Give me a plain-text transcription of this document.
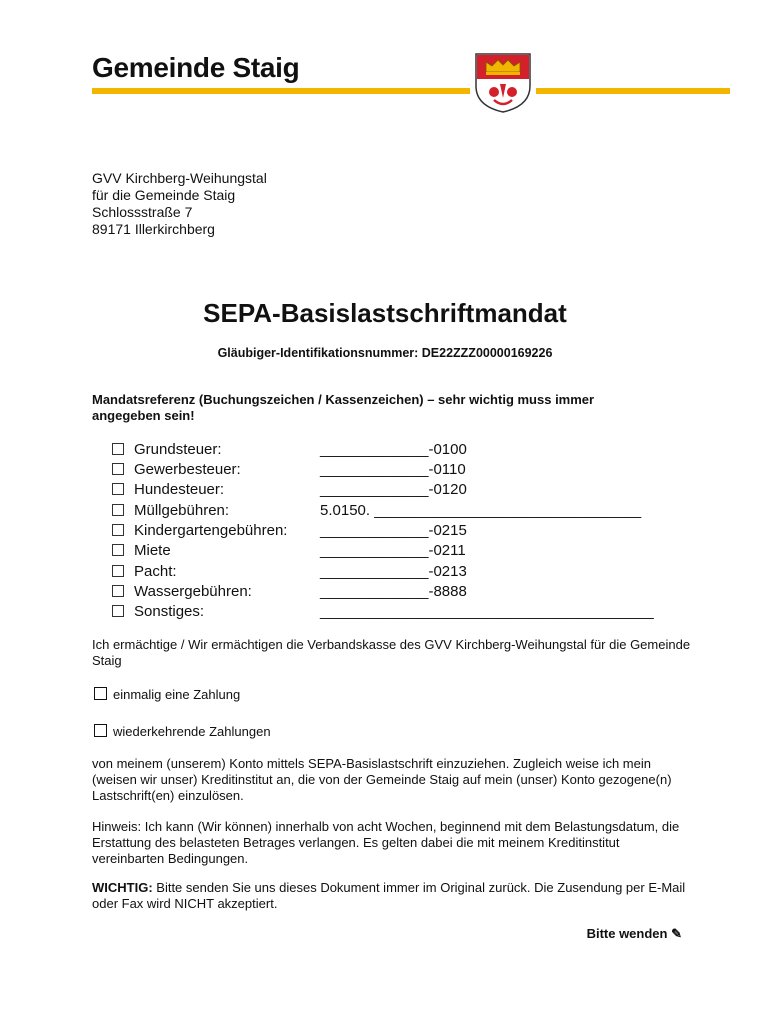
Gemeinde Staig
GVV Kirchberg-Weihungstal
für die Gemeinde Staig
Schlossstraße 7
89171 Illerkirchberg
SEPA-Basislastschriftmandat
Gläubiger-Identifikationsnummer: DE22ZZZ00000169226
Mandatsreferenz (Buchungszeichen / Kassenzeichen) – sehr wichtig muss immer angegeben sein!
Grundsteuer:	_____________-0100
Gewerbesteuer:	_____________-0110
Hundesteuer:	_____________-0120
Müllgebühren:	5.0150. ________________________________
Kindergartengebühren: _____________-0215
Miete	_____________-0211
Pacht:	_____________-0213
Wassergebühren:	_____________-8888
Sonstiges:	________________________________________
Ich ermächtige / Wir ermächtigen die Verbandskasse des GVV Kirchberg-Weihungstal für die Gemeinde Staig
einmalig eine Zahlung
wiederkehrende Zahlungen
von meinem (unserem) Konto mittels SEPA-Basislastschrift einzuziehen. Zugleich weise ich mein (weisen wir unser) Kreditinstitut an, die von der Gemeinde Staig auf mein (unser) Konto gezogene(n) Lastschrift(en) einzulösen.
Hinweis: Ich kann (Wir können) innerhalb von acht Wochen, beginnend mit dem Belastungsdatum, die Erstattung des belasteten Betrages verlangen. Es gelten dabei die mit meinem Kreditinstitut vereinbarten Bedingungen.
WICHTIG: Bitte senden Sie uns dieses Dokument immer im Original zurück. Die Zusendung per E-Mail oder Fax wird NICHT akzeptiert.
Bitte wenden ✎
